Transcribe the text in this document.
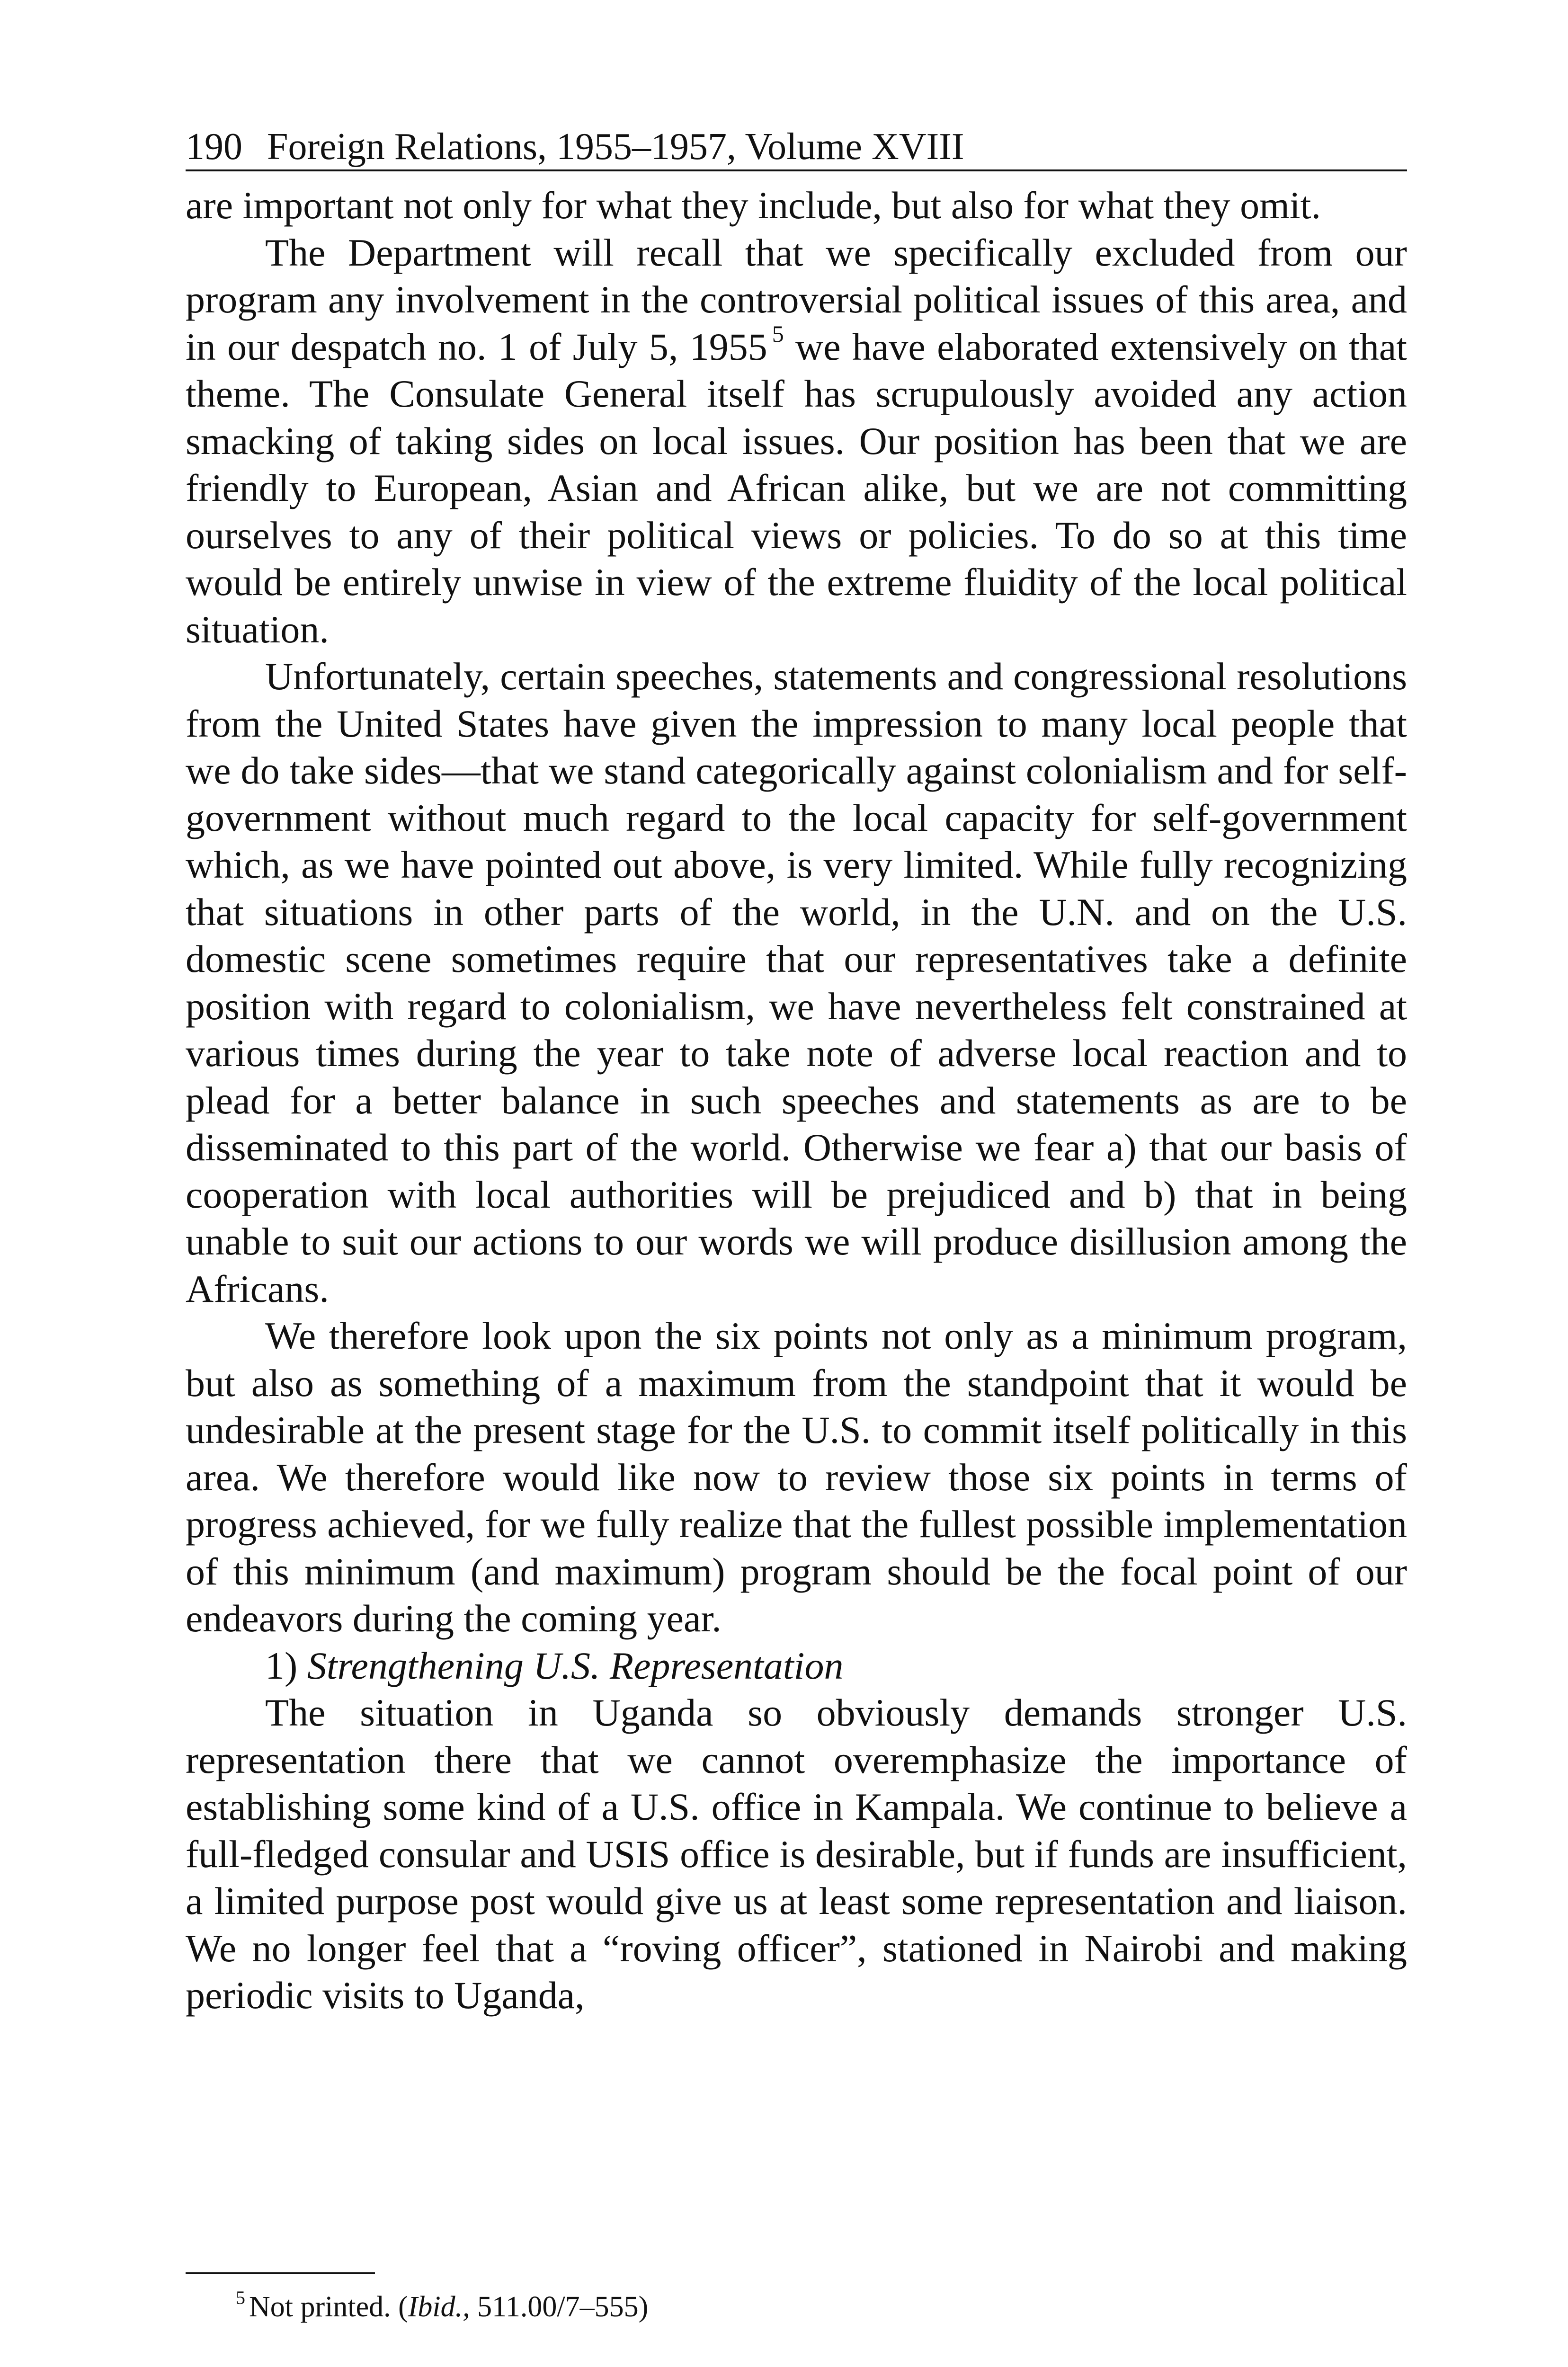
190 Foreign Relations, 1955–1957, Volume XVIII

are important not only for what they include, but also for what they omit.

The Department will recall that we specifically excluded from our program any involvement in the controversial political issues of this area, and in our despatch no. 1 of July 5, 1955 $^5$ we have elaborated extensively on that theme. The Consulate General itself has scrupulously avoided any action smacking of taking sides on local issues. Our position has been that we are friendly to European, Asian and African alike, but we are not committing ourselves to any of their political views or policies. To do so at this time would be entirely unwise in view of the extreme fluidity of the local political situation.

Unfortunately, certain speeches, statements and congressional resolutions from the United States have given the impression to many local people that we do take sides—that we stand categorically against colonialism and for self-government without much regard to the local capacity for self-government which, as we have pointed out above, is very limited. While fully recognizing that situations in other parts of the world, in the U.N. and on the U.S. domestic scene sometimes require that our representatives take a definite position with regard to colonialism, we have nevertheless felt constrained at various times during the year to take note of adverse local reaction and to plead for a better balance in such speeches and statements as are to be disseminated to this part of the world. Otherwise we fear a) that our basis of cooperation with local authorities will be prejudiced and b) that in being unable to suit our actions to our words we will produce disillusion among the Africans.

We therefore look upon the six points not only as a minimum program, but also as something of a maximum from the standpoint that it would be undesirable at the present stage for the U.S. to commit itself politically in this area. We therefore would like now to review those six points in terms of progress achieved, for we fully realize that the fullest possible implementation of this minimum (and maximum) program should be the focal point of our endeavors during the coming year.

1) Strengthening U.S. Representation

The situation in Uganda so obviously demands stronger U.S. representation there that we cannot overemphasize the importance of establishing some kind of a U.S. office in Kampala. We continue to believe a full-fledged consular and USIS office is desirable, but if funds are insufficient, a limited purpose post would give us at least some representation and liaison. We no longer feel that a “roving officer”, stationed in Nairobi and making periodic visits to Uganda,

$^5$ Not printed. (Ibid., 511.00/7–555)
